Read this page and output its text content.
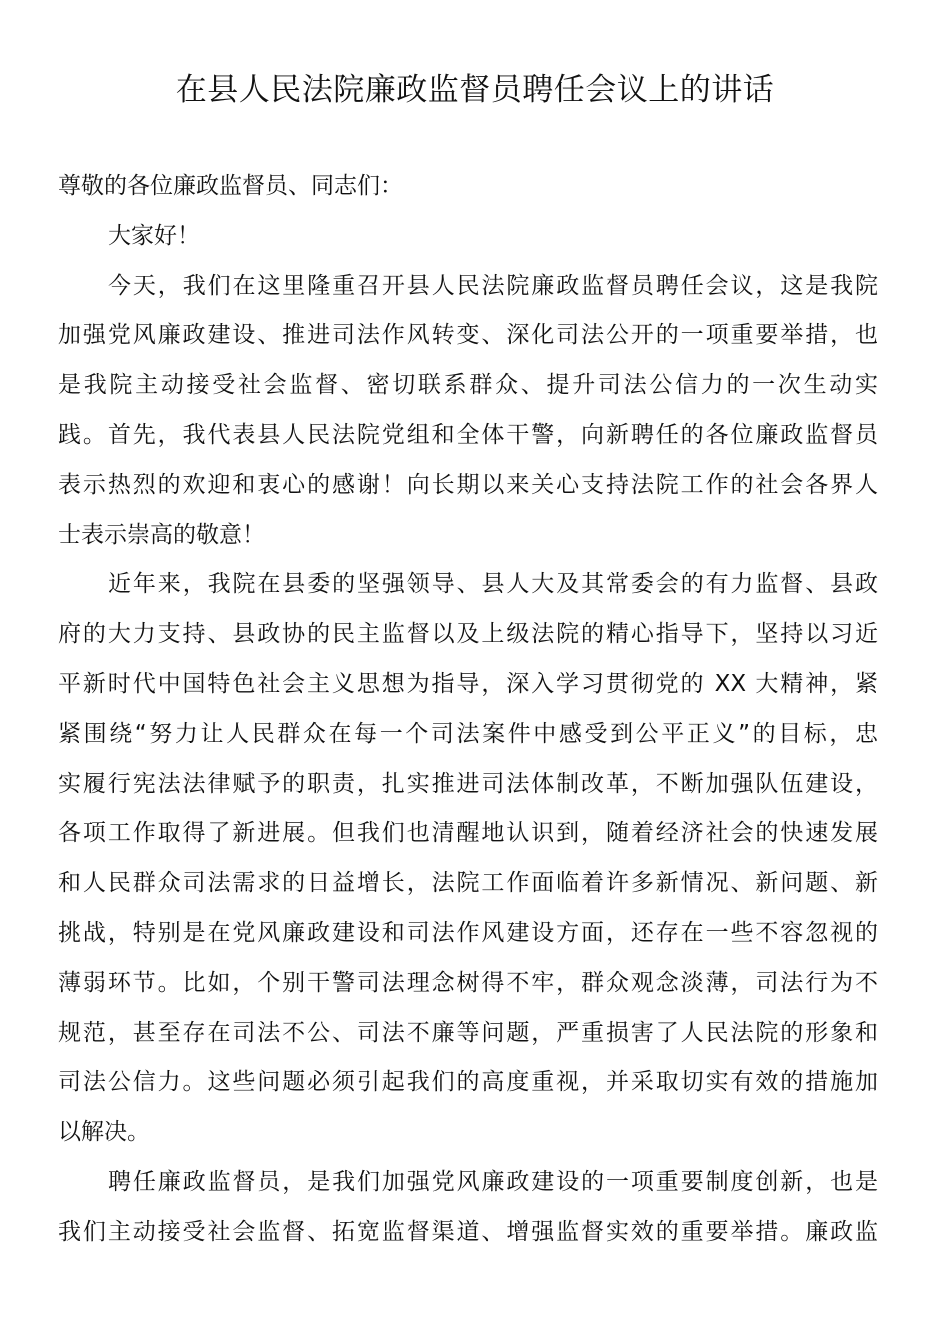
在县人民法院廉政监督员聘任会议上的讲话
尊敬的各位廉政监督员、同志们：
大家好！
今天，我们在这里隆重召开县人民法院廉政监督员聘任会议，这是我院
加强党风廉政建设、推进司法作风转变、深化司法公开的一项重要举措，也
是我院主动接受社会监督、密切联系群众、提升司法公信力的一次生动实
践。首先，我代表县人民法院党组和全体干警，向新聘任的各位廉政监督员
表示热烈的欢迎和衷心的感谢！向长期以来关心支持法院工作的社会各界人
士表示崇高的敬意！
近年来，我院在县委的坚强领导、县人大及其常委会的有力监督、县政
府的大力支持、县政协的民主监督以及上级法院的精心指导下，坚持以习近
平新时代中国特色社会主义思想为指导，深入学习贯彻党的 XX 大精神，紧
紧围绕“努力让人民群众在每一个司法案件中感受到公平正义”的目标，忠
实履行宪法法律赋予的职责，扎实推进司法体制改革，不断加强队伍建设，
各项工作取得了新进展。但我们也清醒地认识到，随着经济社会的快速发展
和人民群众司法需求的日益增长，法院工作面临着许多新情况、新问题、新
挑战，特别是在党风廉政建设和司法作风建设方面，还存在一些不容忽视的
薄弱环节。比如，个别干警司法理念树得不牢，群众观念淡薄，司法行为不
规范，甚至存在司法不公、司法不廉等问题，严重损害了人民法院的形象和
司法公信力。这些问题必须引起我们的高度重视，并采取切实有效的措施加
以解决。
聘任廉政监督员，是我们加强党风廉政建设的一项重要制度创新，也是
我们主动接受社会监督、拓宽监督渠道、增强监督实效的重要举措。廉政监
